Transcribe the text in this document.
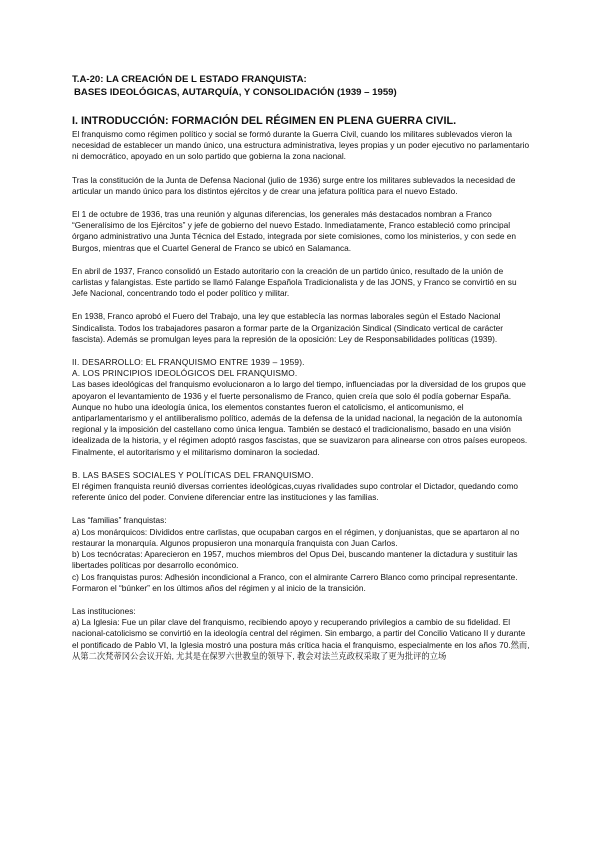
T.A-20: LA CREACIÓN DE L ESTADO FRANQUISTA:
BASES IDEOLÓGICAS, AUTARQUÍA, Y CONSOLIDACIÓN (1939 – 1959)
I. INTRODUCCIÓN: FORMACIÓN DEL RÉGIMEN EN PLENA GUERRA CIVIL.

El franquismo como régimen político y social se formó durante la Guerra Civil, cuando los militares sublevados vieron la necesidad de establecer un mando único, una estructura administrativa, leyes propias y un poder ejecutivo no parlamentario ni democrático, apoyado en un solo partido que gobierna la zona nacional.

Tras la constitución de la Junta de Defensa Nacional (julio de 1936) surge entre los militares sublevados la necesidad de articular un mando único para los distintos ejércitos y de crear una jefatura política para el nuevo Estado.

El 1 de octubre de 1936, tras una reunión y algunas diferencias, los generales más destacados nombran a Franco “Generalísimo de los Ejércitos” y jefe de gobierno del nuevo Estado. Inmediatamente, Franco estableció como principal órgano administrativo una Junta Técnica del Estado, integrada por siete comisiones, como los ministerios, y con sede en Burgos, mientras que el Cuartel General de Franco se ubicó en Salamanca.

En abril de 1937, Franco consolidó un Estado autoritario con la creación de un partido único, resultado de la unión de carlistas y falangistas. Este partido se llamó Falange Española Tradicionalista y de las JONS, y Franco se convirtió en su Jefe Nacional, concentrando todo el poder político y militar.

En 1938, Franco aprobó el Fuero del Trabajo, una ley que establecía las normas laborales según el Estado Nacional Sindicalista. Todos los trabajadores pasaron a formar parte de la Organización Sindical (Sindicato vertical de carácter fascista). Además se promulgan leyes para la represión de la oposición: Ley de Responsabilidades políticas (1939).

II. DESARROLLO: EL FRANQUISMO ENTRE 1939 – 1959).
A. LOS PRINCIPIOS IDEOLÓGICOS DEL FRANQUISMO.

Las bases ideológicas del franquismo evolucionaron a lo largo del tiempo, influenciadas por la diversidad de los grupos que apoyaron el levantamiento de 1936 y el fuerte personalismo de Franco, quien creía que solo él podía gobernar España. Aunque no hubo una ideología única, los elementos constantes fueron el catolicismo, el anticomunismo, el antiparlamentarismo y el antiliberalismo político, además de la defensa de la unidad nacional, la negación de la autonomía regional y la imposición del castellano como única lengua. También se destacó el tradicionalismo, basado en una visión idealizada de la historia, y el régimen adoptó rasgos fascistas, que se suavizaron para alinearse con otros países europeos. Finalmente, el autoritarismo y el militarismo dominaron la sociedad.

B. LAS BASES SOCIALES Y POLÍTICAS DEL FRANQUISMO.

El régimen franquista reunió diversas corrientes ideológicas,cuyas rivalidades supo controlar el Dictador, quedando como referente único del poder. Conviene diferenciar entre las instituciones y las familias.

Las “familias” franquistas:
a) Los monárquicos: Divididos entre carlistas, que ocupaban cargos en el régimen, y donjuanistas, que se apartaron al no restaurar la monarquía. Algunos propusieron una monarquía franquista con Juan Carlos.
b) Los tecnócratas: Aparecieron en 1957, muchos miembros del Opus Dei, buscando mantener la dictadura y sustituir las libertades políticas por desarrollo económico.
c) Los franquistas puros: Adhesión incondicional a Franco, con el almirante Carrero Blanco como principal representante. Formaron el “búnker” en los últimos años del régimen y al inicio de la transición.
Las instituciones:
a) La Iglesia: Fue un pilar clave del franquismo, recibiendo apoyo y recuperando privilegios a cambio de su fidelidad. El nacional-catolicismo se convirtió en la ideología central del régimen. Sin embargo, a partir del Concilio Vaticano II y durante el pontificado de Pablo VI, la Iglesia mostró una postura más crítica hacia el franquismo, especialmente en los años 70.然而, 从第二次梵蒂冈公会议开始, 尤其是在保罗六世教皇的领导下, 教会对法兰克政权采取了更为批评的立场
